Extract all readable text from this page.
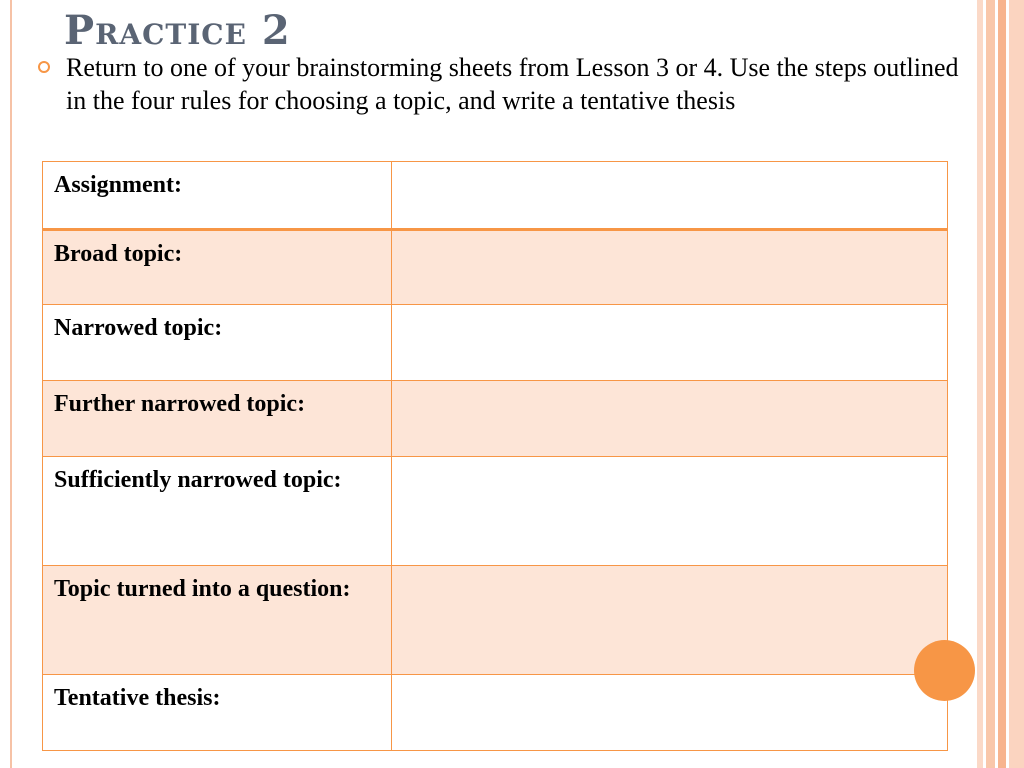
Practice 2
Return to one of your brainstorming sheets from Lesson 3 or 4. Use the steps outlined in the four rules for choosing a topic, and write a tentative thesis
Assignment:	
Broad topic:	
Narrowed topic:	
Further narrowed topic:	
Sufficiently narrowed topic:	
Topic turned into a question:	
Tentative thesis:	
